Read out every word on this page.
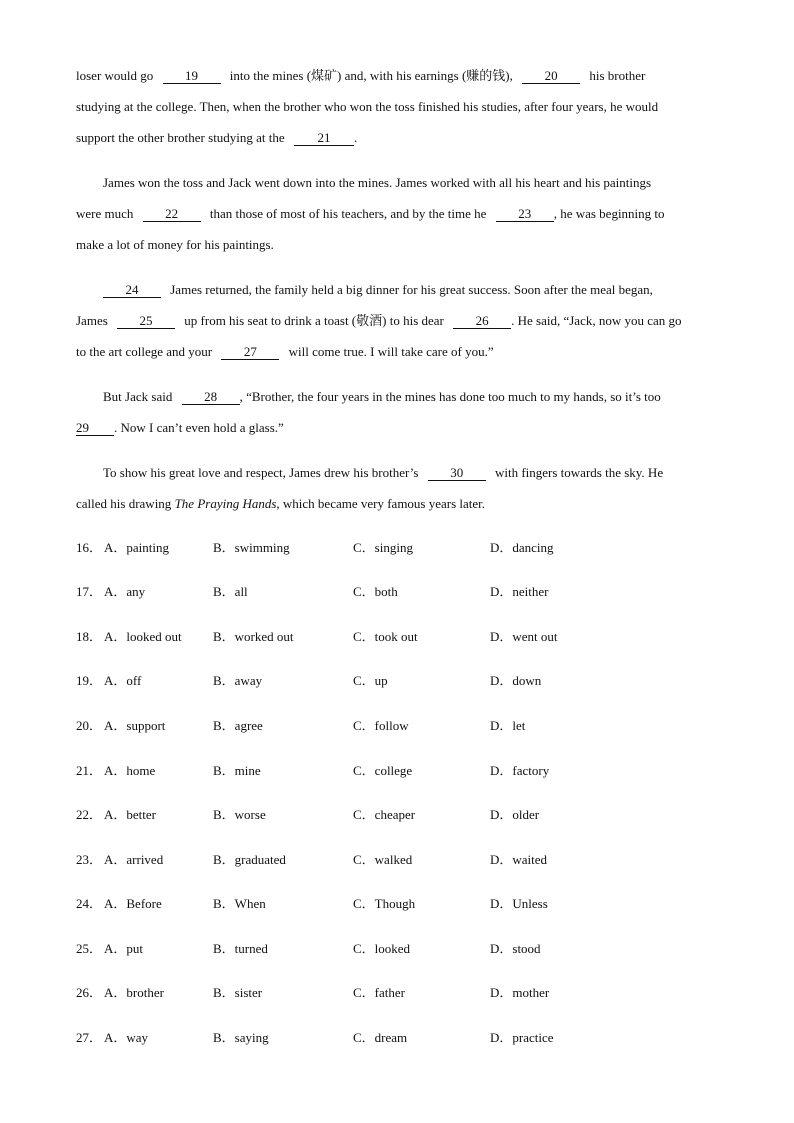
loser would go 19 into the mines (煤矿) and, with his earnings (赚的钱), 20 his brother
studying at the college. Then, when the brother who won the toss finished his studies, after four years, he would
support the other brother studying at the	21 .
James won the toss and Jack went down into the mines. James worked with all his heart and his paintings
were much 22 than those of most of his teachers, and by the time he 23 , he was beginning to
make a lot of money for his paintings.
24 James returned, the family held a big dinner for his great success. Soon after the meal began,
James 25 up from his seat to drink a toast (敬酒) to his dear 26 . He said, “Jack, now you can go
to the art college and your 27 will come true. I will take care of you.”
But Jack said 28 , “Brother, the four years in the mines has done too much to my hands, so it’s too
29 . Now I can’t even hold a glass.”
To show his great love and respect, James drew his brother’s 30 with fingers towards the sky. He
called his drawing The Praying Hands, which became very famous years later.
16． A．painting	B．swimming	C．singing	D．dancing
17． A．any	B．all	C．both	D．neither
18． A．looked out B．worked out	C．took out	D．went out
19． A．off	B．away	C．up	D．down
20． A．support	B．agree	C．follow	D．let
21． A．home	B．mine	C．college	D．factory
22． A．better	B．worse	C．cheaper	D．older
23． A．arrived	B．graduated	C．walked	D．waited
24． A．Before	B．When	C．Though	D．Unless
25． A．put	B．turned	C．looked	D．stood
26． A．brother	B．sister	C．father	D．mother
27． A．way	B．saying	C．dream	D．practice
